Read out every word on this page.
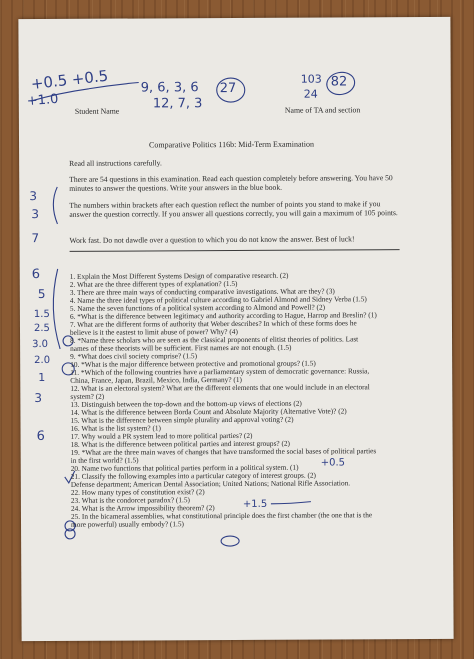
+0.5 +0.5
+1.0
9, 6, 3, 6
12, 7, 3
27
103
24
82
Student Name	Name of TA and section
Comparative Politics 116b: Mid-Term Examination
Read all instructions carefully.
There are 54 questions in this examination. Read each question completely before answering. You have 50 minutes to answer the questions. Write your answers in the blue book.
The numbers within brackets after each question reflect the number of points you stand to make if you answer the question correctly. If you answer all questions correctly, you will gain a maximum of 105 points.
Work fast. Do not dawdle over a question to which you do not know the answer. Best of luck!
3
3
7
6
5
1.5
2.5
3.0
2.0
1
3
6
1. Explain the Most Different Systems Design of comparative research. (2)
2. What are the three different types of explanation? (1.5)
3. There are three main ways of conducting comparative investigations. What are they? (3)
4. Name the three ideal types of political culture according to Gabriel Almond and Sidney Verba (1.5)
5. Name the seven functions of a political system according to Almond and Powell? (2)
6. *What is the difference between legitimacy and authority according to Hague, Harrop and Breslin? (1)
7. What are the different forms of authority that Weber describes? In which of these forms does he
believe is it the eastest to limit abuse of power? Why? (4)
8. *Name three scholars who are seen as the classical proponents of elitist theories of politics. Last
names of these theorists will be sufficient. First names are not enough. (1.5)
9. *What does civil society comprise? (1.5)
10. *What is the major difference between protective and promotional groups? (1.5)
11. *Which of the following countries have a parliamentary system of democratic governance: Russia,
China, France, Japan, Brazil, Mexico, India, Germany? (1)
12. What is an electoral system? What are the different elements that one would include in an electoral
system? (2)
13. Distinguish between the top-down and the bottom-up views of elections (2)
14. What is the difference between Borda Count and Absolute Majority (Alternative Vote)? (2)
15. What is the difference between simple plurality and approval voting? (2)
16. What is the list system? (1)
17. Why would a PR system lead to more political parties? (2)
18. What is the difference between political parties and interest groups? (2)
19. *What are the three main waves of changes that have transformed the social bases of political parties
in the first world? (1.5)
20. Name two functions that political parties perform in a political system. (1)
21. Classify the following examples into a particular category of interest groups. (2)
Defense department; American Dental Association; United Nations; National Rifle Association.
22. How many types of constitution exist? (2)
23. What is the condorcet paradox? (1.5)
24. What is the Arrow impossibility theorem? (2)
25. In the bicameral assemblies, what constitutional principle does the first chamber (the one that is the
more powerful) usually embody? (1.5)
+0.5
+1.5
